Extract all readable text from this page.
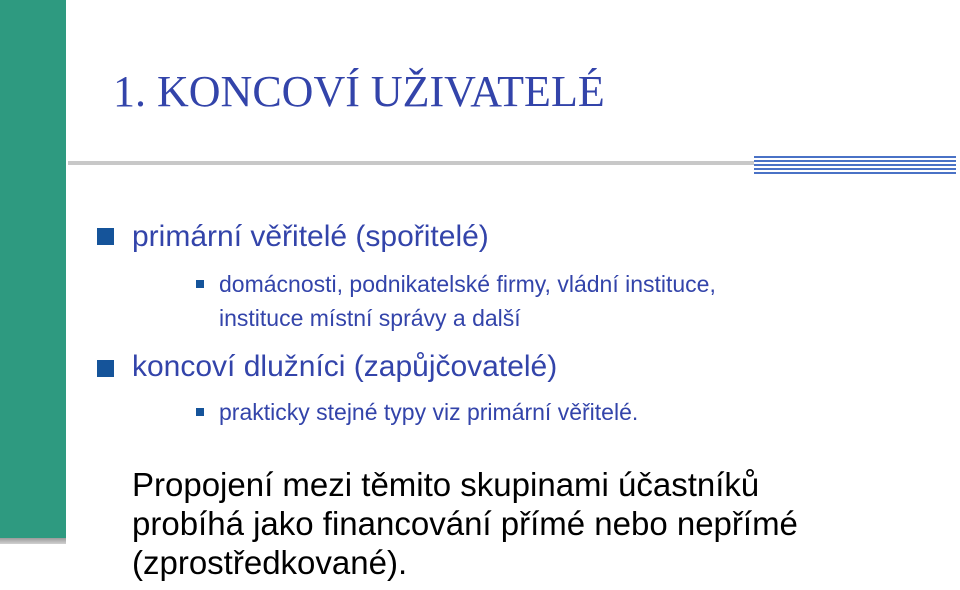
1. KONCOVÍ UŽIVATELÉ

primární věřitelé (spořitelé)

domácnosti, podnikatelské firmy, vládní instituce,

instituce místní správy a další

koncoví dlužníci (zapůjčovatelé)

prakticky stejné typy viz primární věřitelé.

Propojení mezi těmito skupinami účastníků
probíhá jako financování přímé nebo nepřímé
(zprostředkované).
